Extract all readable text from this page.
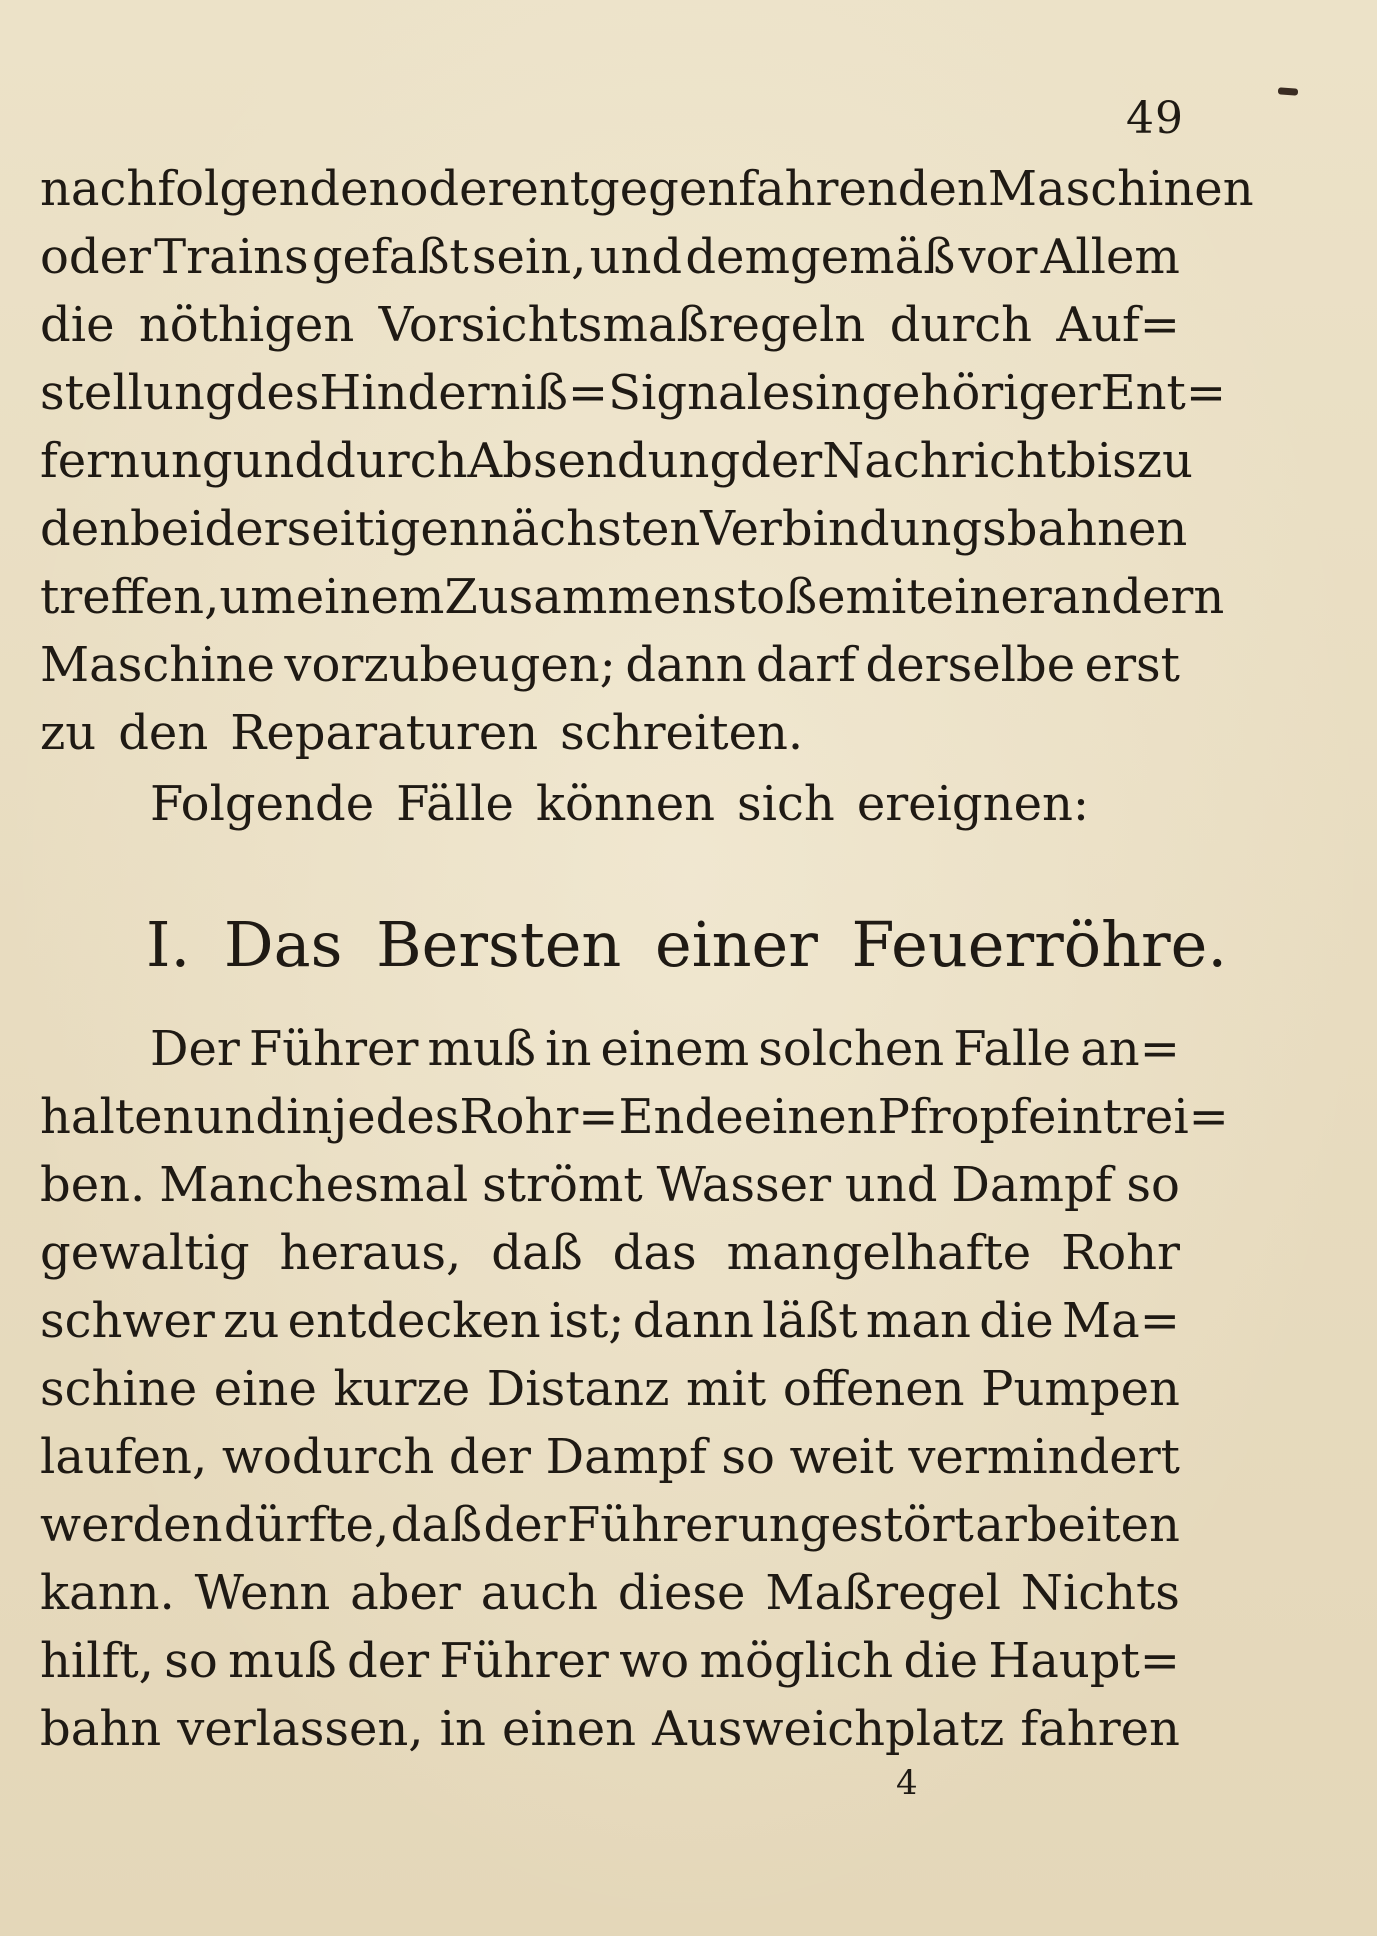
49
nachfolgenden oder entgegenfahrenden Maschinen
oder Trains gefaßt sein, und demgemäß vor Allem
die nöthigen Vorsichtsmaßregeln durch Auf=
stellung des Hinderniß=Signales in gehöriger Ent=
fernung und durch Absendung der Nachricht bis zu
den beiderseitigen nächsten Verbindungsbahnen
treffen, um einem Zusammenstoße mit einer andern
Maschine vorzubeugen; dann darf derselbe erst
zu den Reparaturen schreiten.
Folgende Fälle können sich ereignen:
I. Das Bersten einer Feuerröhre.
Der Führer muß in einem solchen Falle an=
halten und in jedes Rohr=Ende einen Pfropf eintrei=
ben. Manchesmal strömt Wasser und Dampf so
gewaltig heraus, daß das mangelhafte Rohr
schwer zu entdecken ist; dann läßt man die Ma=
schine eine kurze Distanz mit offenen Pumpen
laufen, wodurch der Dampf so weit vermindert
werden dürfte, daß der Führer ungestört arbeiten
kann. Wenn aber auch diese Maßregel Nichts
hilft, so muß der Führer wo möglich die Haupt=
bahn verlassen, in einen Ausweichplatz fahren
4
